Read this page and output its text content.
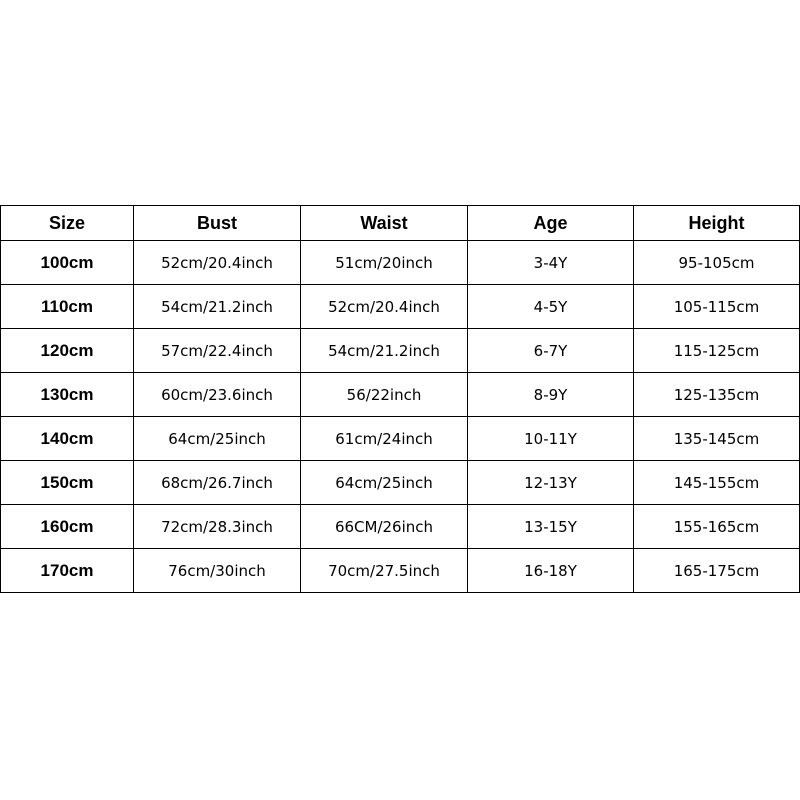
Size	Bust	Waist	Age	Height
100cm	52cm/20.4inch	51cm/20inch	3-4Y	95-105cm
110cm	54cm/21.2inch	52cm/20.4inch	4-5Y	105-115cm
120cm	57cm/22.4inch	54cm/21.2inch	6-7Y	115-125cm
130cm	60cm/23.6inch	56/22inch	8-9Y	125-135cm
140cm	64cm/25inch	61cm/24inch	10-11Y	135-145cm
150cm	68cm/26.7inch	64cm/25inch	12-13Y	145-155cm
160cm	72cm/28.3inch	66CM/26inch	13-15Y	155-165cm
170cm	76cm/30inch	70cm/27.5inch	16-18Y	165-175cm
